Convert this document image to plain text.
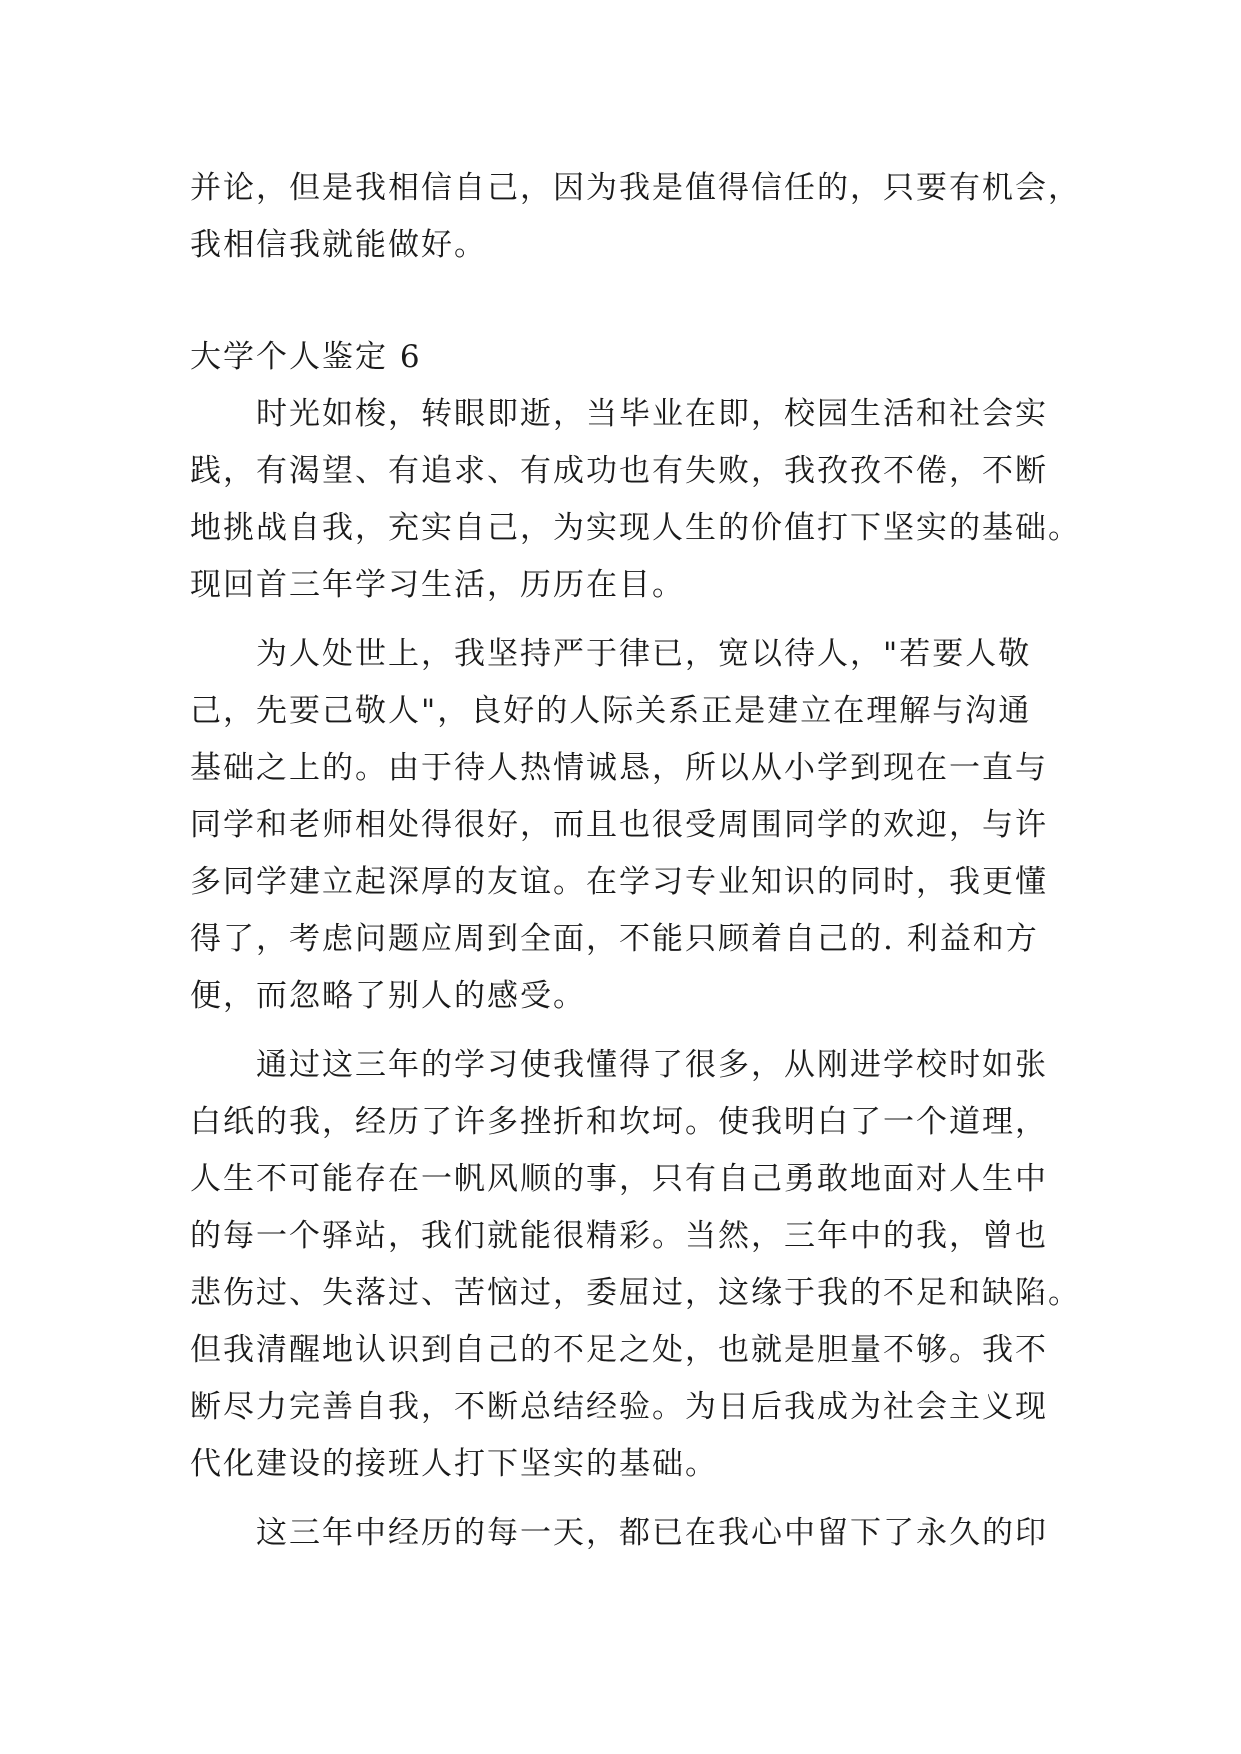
并论，但是我相信自己，因为我是值得信任的，只要有机会，
我相信我就能做好。
大学个人鉴定 6
时光如梭，转眼即逝，当毕业在即，校园生活和社会实
践，有渴望、有追求、有成功也有失败，我孜孜不倦，不断
地挑战自我，充实自己，为实现人生的价值打下坚实的基础。
现回首三年学习生活，历历在目。
为人处世上，我坚持严于律已，宽以待人，"若要人敬
己，先要己敬人"，良好的人际关系正是建立在理解与沟通
基础之上的。由于待人热情诚恳，所以从小学到现在一直与
同学和老师相处得很好，而且也很受周围同学的欢迎，与许
多同学建立起深厚的友谊。在学习专业知识的同时，我更懂
得了，考虑问题应周到全面，不能只顾着自己的. 利益和方
便，而忽略了别人的感受。
通过这三年的学习使我懂得了很多，从刚进学校时如张
白纸的我，经历了许多挫折和坎坷。使我明白了一个道理，
人生不可能存在一帆风顺的事，只有自己勇敢地面对人生中
的每一个驿站，我们就能很精彩。当然，三年中的我，曾也
悲伤过、失落过、苦恼过，委屈过，这缘于我的不足和缺陷。
但我清醒地认识到自己的不足之处，也就是胆量不够。我不
断尽力完善自我，不断总结经验。为日后我成为社会主义现
代化建设的接班人打下坚实的基础。
这三年中经历的每一天，都已在我心中留下了永久的印
